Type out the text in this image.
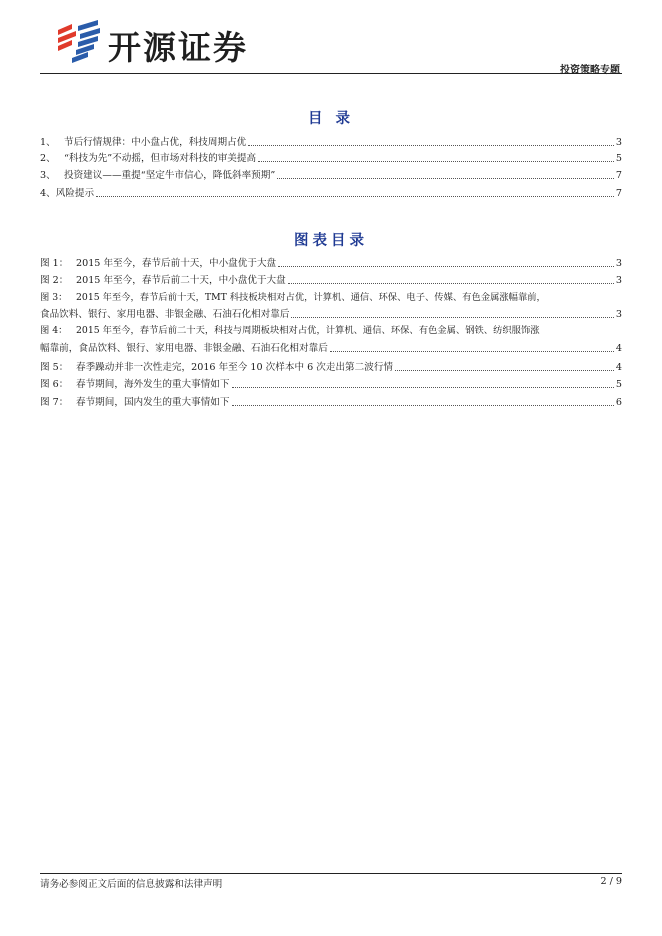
开源证券
投资策略专题
目 录
1、 节后行情规律：中小盘占优，科技周期占优	3
2、 “科技为先”不动摇，但市场对科技的审美提高	5
3、 投资建议——重提“坚定牛市信心，降低斜率预期”	7
4、 风险提示	7
图表目录
图 1： 2015 年至今，春节后前十天，中小盘优于大盘	3
图 2： 2015 年至今，春节后前二十天，中小盘优于大盘	3
图 3： 2015 年至今，春节后前十天，TMT 科技板块相对占优，计算机、通信、环保、电子、传媒、有色金属涨幅靠前，
食品饮料、银行、家用电器、非银金融、石油石化相对靠后	3
图 4： 2015 年至今，春节后前二十天，科技与周期板块相对占优，计算机、通信、环保、有色金属、钢铁、纺织服饰涨
幅靠前，食品饮料、银行、家用电器、非银金融、石油石化相对靠后	4
图 5： 春季躁动并非一次性走完，2016 年至今 10 次样本中 6 次走出第二波行情	4
图 6： 春节期间，海外发生的重大事情如下	5
图 7： 春节期间，国内发生的重大事情如下	6
请务必参阅正文后面的信息披露和法律声明	2 / 9
